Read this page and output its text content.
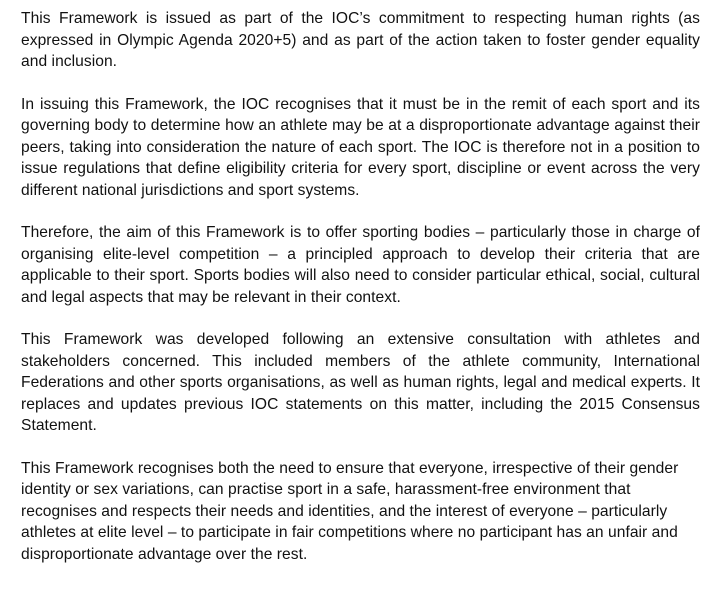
This Framework is issued as part of the IOC’s commitment to respecting human rights (as expressed in Olympic Agenda 2020+5) and as part of the action taken to foster gender equality and inclusion.

In issuing this Framework, the IOC recognises that it must be in the remit of each sport and its governing body to determine how an athlete may be at a disproportionate advantage against their peers, taking into consideration the nature of each sport. The IOC is therefore not in a position to issue regulations that define eligibility criteria for every sport, discipline or event across the very different national jurisdictions and sport systems.

Therefore, the aim of this Framework is to offer sporting bodies – particularly those in charge of organising elite-level competition – a principled approach to develop their criteria that are applicable to their sport. Sports bodies will also need to consider particular ethical, social, cultural and legal aspects that may be relevant in their context.

This Framework was developed following an extensive consultation with athletes and stakeholders concerned. This included members of the athlete community, International Federations and other sports organisations, as well as human rights, legal and medical experts. It replaces and updates previous IOC statements on this matter, including the 2015 Consensus Statement.

This Framework recognises both the need to ensure that everyone, irrespective of their gender identity or sex variations, can practise sport in a safe, harassment-free environment that recognises and respects their needs and identities, and the interest of everyone – particularly athletes at elite level – to participate in fair competitions where no participant has an unfair and disproportionate advantage over the rest.
